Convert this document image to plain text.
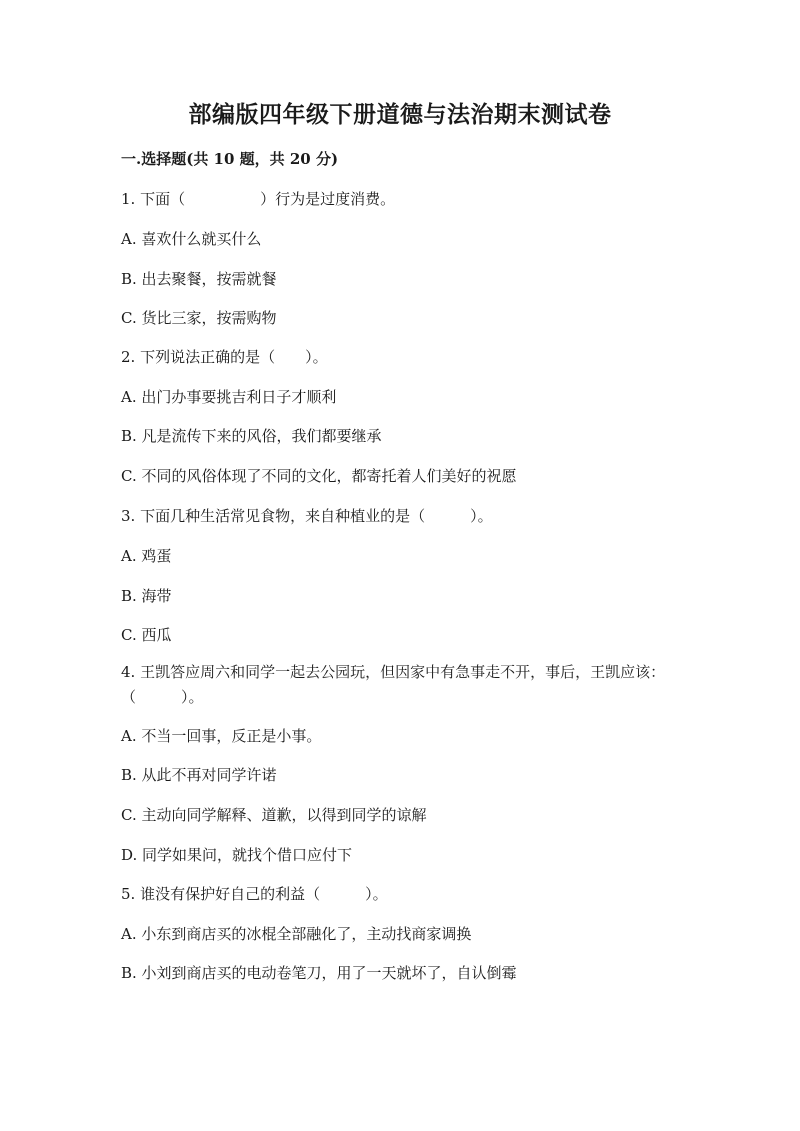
部编版四年级下册道德与法治期末测试卷
一.选择题(共 10 题，共 20 分)
1. 下面（　　　　　）行为是过度消费。
A. 喜欢什么就买什么
B. 出去聚餐，按需就餐
C. 货比三家，按需购物
2. 下列说法正确的是（　　）。
A. 出门办事要挑吉利日子才顺利
B. 凡是流传下来的风俗，我们都要继承
C. 不同的风俗体现了不同的文化，都寄托着人们美好的祝愿
3. 下面几种生活常见食物，来自种植业的是（　　　）。
A. 鸡蛋
B. 海带
C. 西瓜
4. 王凯答应周六和同学一起去公园玩，但因家中有急事走不开，事后，王凯应该：（　　　）。
A. 不当一回事，反正是小事。
B. 从此不再对同学许诺
C. 主动向同学解释、道歉，以得到同学的谅解
D. 同学如果问，就找个借口应付下
5. 谁没有保护好自己的利益（　　　）。
A. 小东到商店买的冰棍全部融化了，主动找商家调换
B. 小刘到商店买的电动卷笔刀，用了一天就坏了，自认倒霉
